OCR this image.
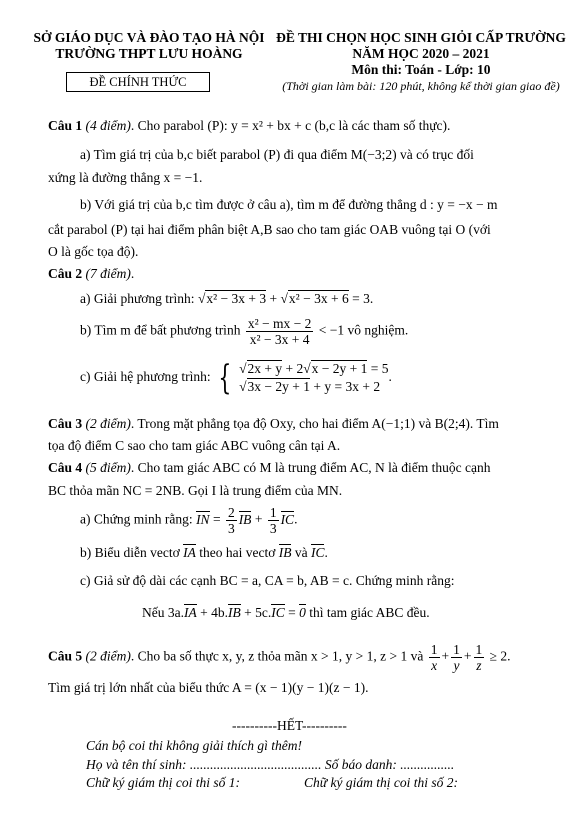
SỞ GIÁO DỤC VÀ ĐÀO TẠO HÀ NỘI
TRƯỜNG THPT LƯU HOÀNG
ĐỀ CHÍNH THỨC
ĐỀ THI CHỌN HỌC SINH GIỎI CẤP TRƯỜNG
NĂM HỌC 2020 – 2021
Môn thi: Toán - Lớp: 10
(Thời gian làm bài: 120 phút, không kể thời gian giao đề)
Câu 1 (4 điểm). Cho parabol (P): y = x² + bx + c (b,c là các tham số thực).
a) Tìm giá trị của b,c biết parabol (P) đi qua điểm M(−3;2) và có trục đối
xứng là đường thẳng x = −1.
b) Với giá trị của b,c tìm được ở câu a), tìm m để đường thẳng d : y = −x − m
cắt parabol (P) tại hai điểm phân biệt A,B sao cho tam giác OAB vuông tại O (với
O là gốc tọa độ).
Câu 2 (7 điểm).
a) Giải phương trình: √x² − 3x + 3 + √x² − 3x + 6 = 3.
b) Tìm m để bất phương trình $\frac{\text{x² − mx − 2}}{\text{x² − 3x + 4}} < -1$ vô nghiệm.
c) Giải hệ phương trình: { √2x + y + 2√x − 2y + 1 = 5
√3x − 2y + 1 + y = 3x + 2
.
Câu 3 (2 điểm). Trong mặt phẳng tọa độ Oxy, cho hai điểm A(−1;1) và B(2;4). Tìm
tọa độ điểm C sao cho tam giác ABC vuông cân tại A.
Câu 4 (5 điểm). Cho tam giác ABC có M là trung điểm AC, N là điểm thuộc cạnh
BC thỏa mãn NC = 2NB. Gọi I là trung điểm của MN.
a) Chứng minh rằng: IN = $\frac{2}{3}$ IB + $\frac{1}{3}$ IC.
b) Biểu diễn vectơ IA theo hai vectơ IB và IC.
c) Giả sử độ dài các cạnh BC = a, CA = b, AB = c. Chứng minh rằng:
Nếu 3a.IA + 4b.IB + 5c.IC = 0 thì tam giác ABC đều.
Câu 5 (2 điểm). Cho ba số thực x, y, z thỏa mãn x > 1, y > 1, z > 1 và $\frac{1}{x} + \frac{1}{y} + \frac{1}{z} \ge 2$.
Tìm giá trị lớn nhất của biểu thức A = (x − 1)(y − 1)(z − 1).
----------HẾT----------
Cán bộ coi thi không giải thích gì thêm!
Họ và tên thí sinh: ....................................... Số báo danh: ................
Chữ ký giám thị coi thi số 1:	Chữ ký giám thị coi thi số 2:
